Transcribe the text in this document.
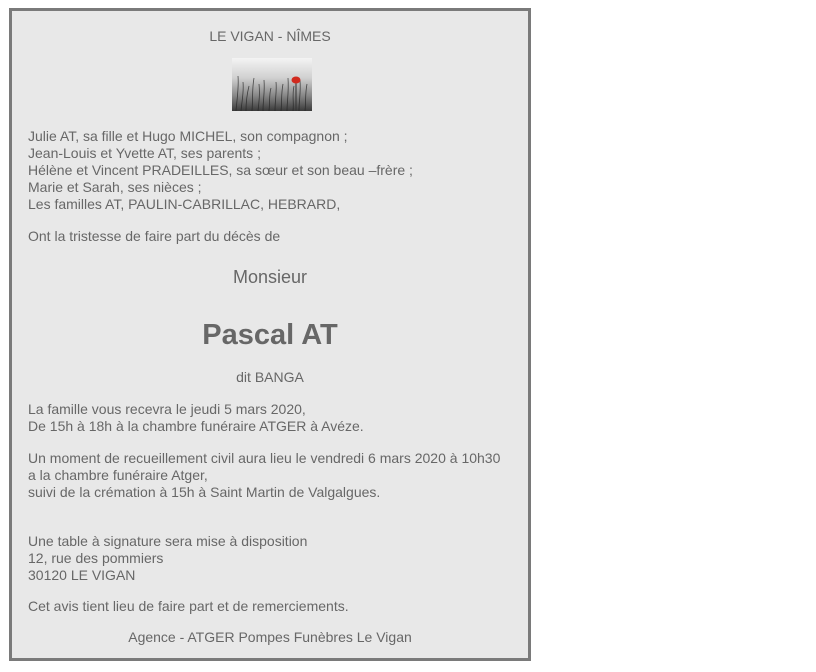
LE VIGAN - NÎMES
Julie AT, sa fille et Hugo MICHEL, son compagnon ;
Jean-Louis et Yvette AT, ses parents ;
Hélène et Vincent PRADEILLES, sa sœur et son beau –frère ;
Marie et Sarah, ses nièces ;
Les familles AT, PAULIN-CABRILLAC, HEBRARD,
Ont la tristesse de faire part du décès de
Monsieur
Pascal AT
dit BANGA
La famille vous recevra le jeudi 5 mars 2020,
De 15h à 18h à la chambre funéraire ATGER à Avéze.
Un moment de recueillement civil aura lieu le vendredi 6 mars 2020 à 10h30
a la chambre funéraire Atger,
suivi de la crémation à 15h à Saint Martin de Valgalgues.
Une table à signature sera mise à disposition
12, rue des pommiers
30120 LE VIGAN
Cet avis tient lieu de faire part et de remerciements.
Agence - ATGER Pompes Funèbres Le Vigan
